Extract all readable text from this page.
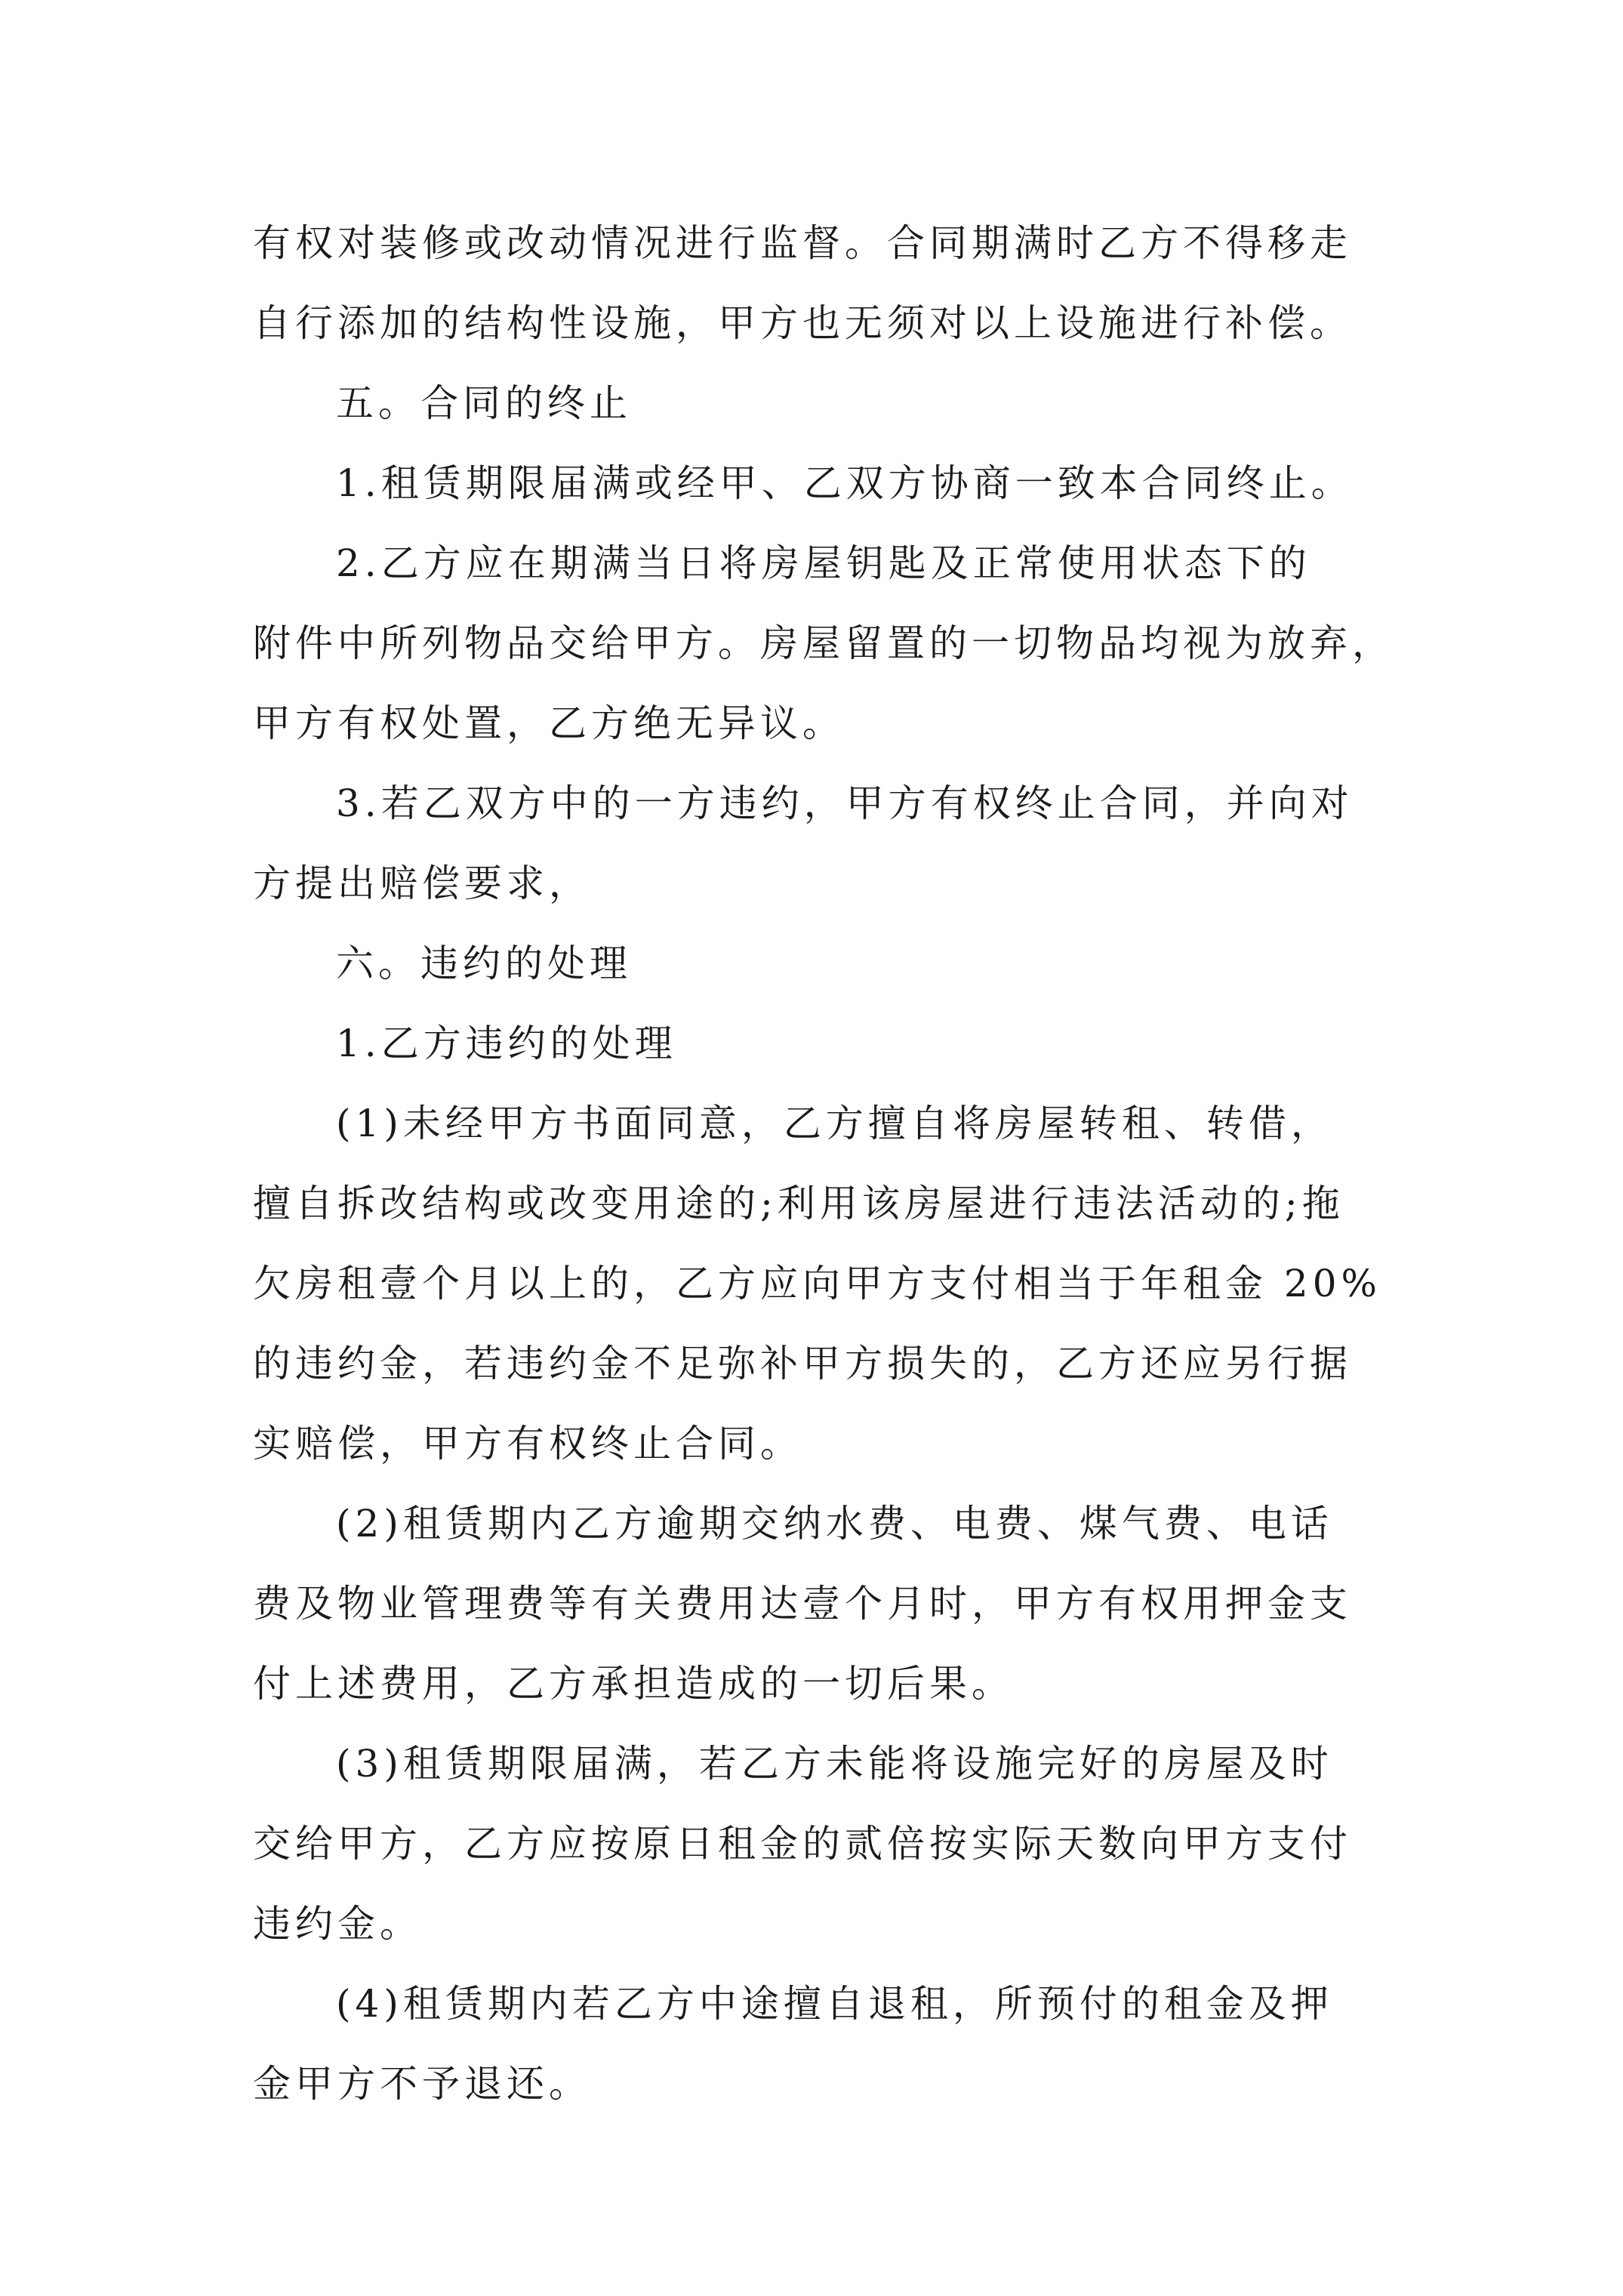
有权对装修或改动情况进行监督。合同期满时乙方不得移走
自行添加的结构性设施，甲方也无须对以上设施进行补偿。
五。合同的终止
1.租赁期限届满或经甲、乙双方协商一致本合同终止。
2.乙方应在期满当日将房屋钥匙及正常使用状态下的
附件中所列物品交给甲方。房屋留置的一切物品均视为放弃，
甲方有权处置，乙方绝无异议。
3.若乙双方中的一方违约，甲方有权终止合同，并向对
方提出赔偿要求，
六。违约的处理
1.乙方违约的处理
(1)未经甲方书面同意，乙方擅自将房屋转租、转借，
擅自拆改结构或改变用途的;利用该房屋进行违法活动的;拖
欠房租壹个月以上的，乙方应向甲方支付相当于年租金 20%
的违约金，若违约金不足弥补甲方损失的，乙方还应另行据
实赔偿，甲方有权终止合同。
(2)租赁期内乙方逾期交纳水费、电费、煤气费、电话
费及物业管理费等有关费用达壹个月时，甲方有权用押金支
付上述费用，乙方承担造成的一切后果。
(3)租赁期限届满，若乙方未能将设施完好的房屋及时
交给甲方，乙方应按原日租金的贰倍按实际天数向甲方支付
违约金。
(4)租赁期内若乙方中途擅自退租，所预付的租金及押
金甲方不予退还。
